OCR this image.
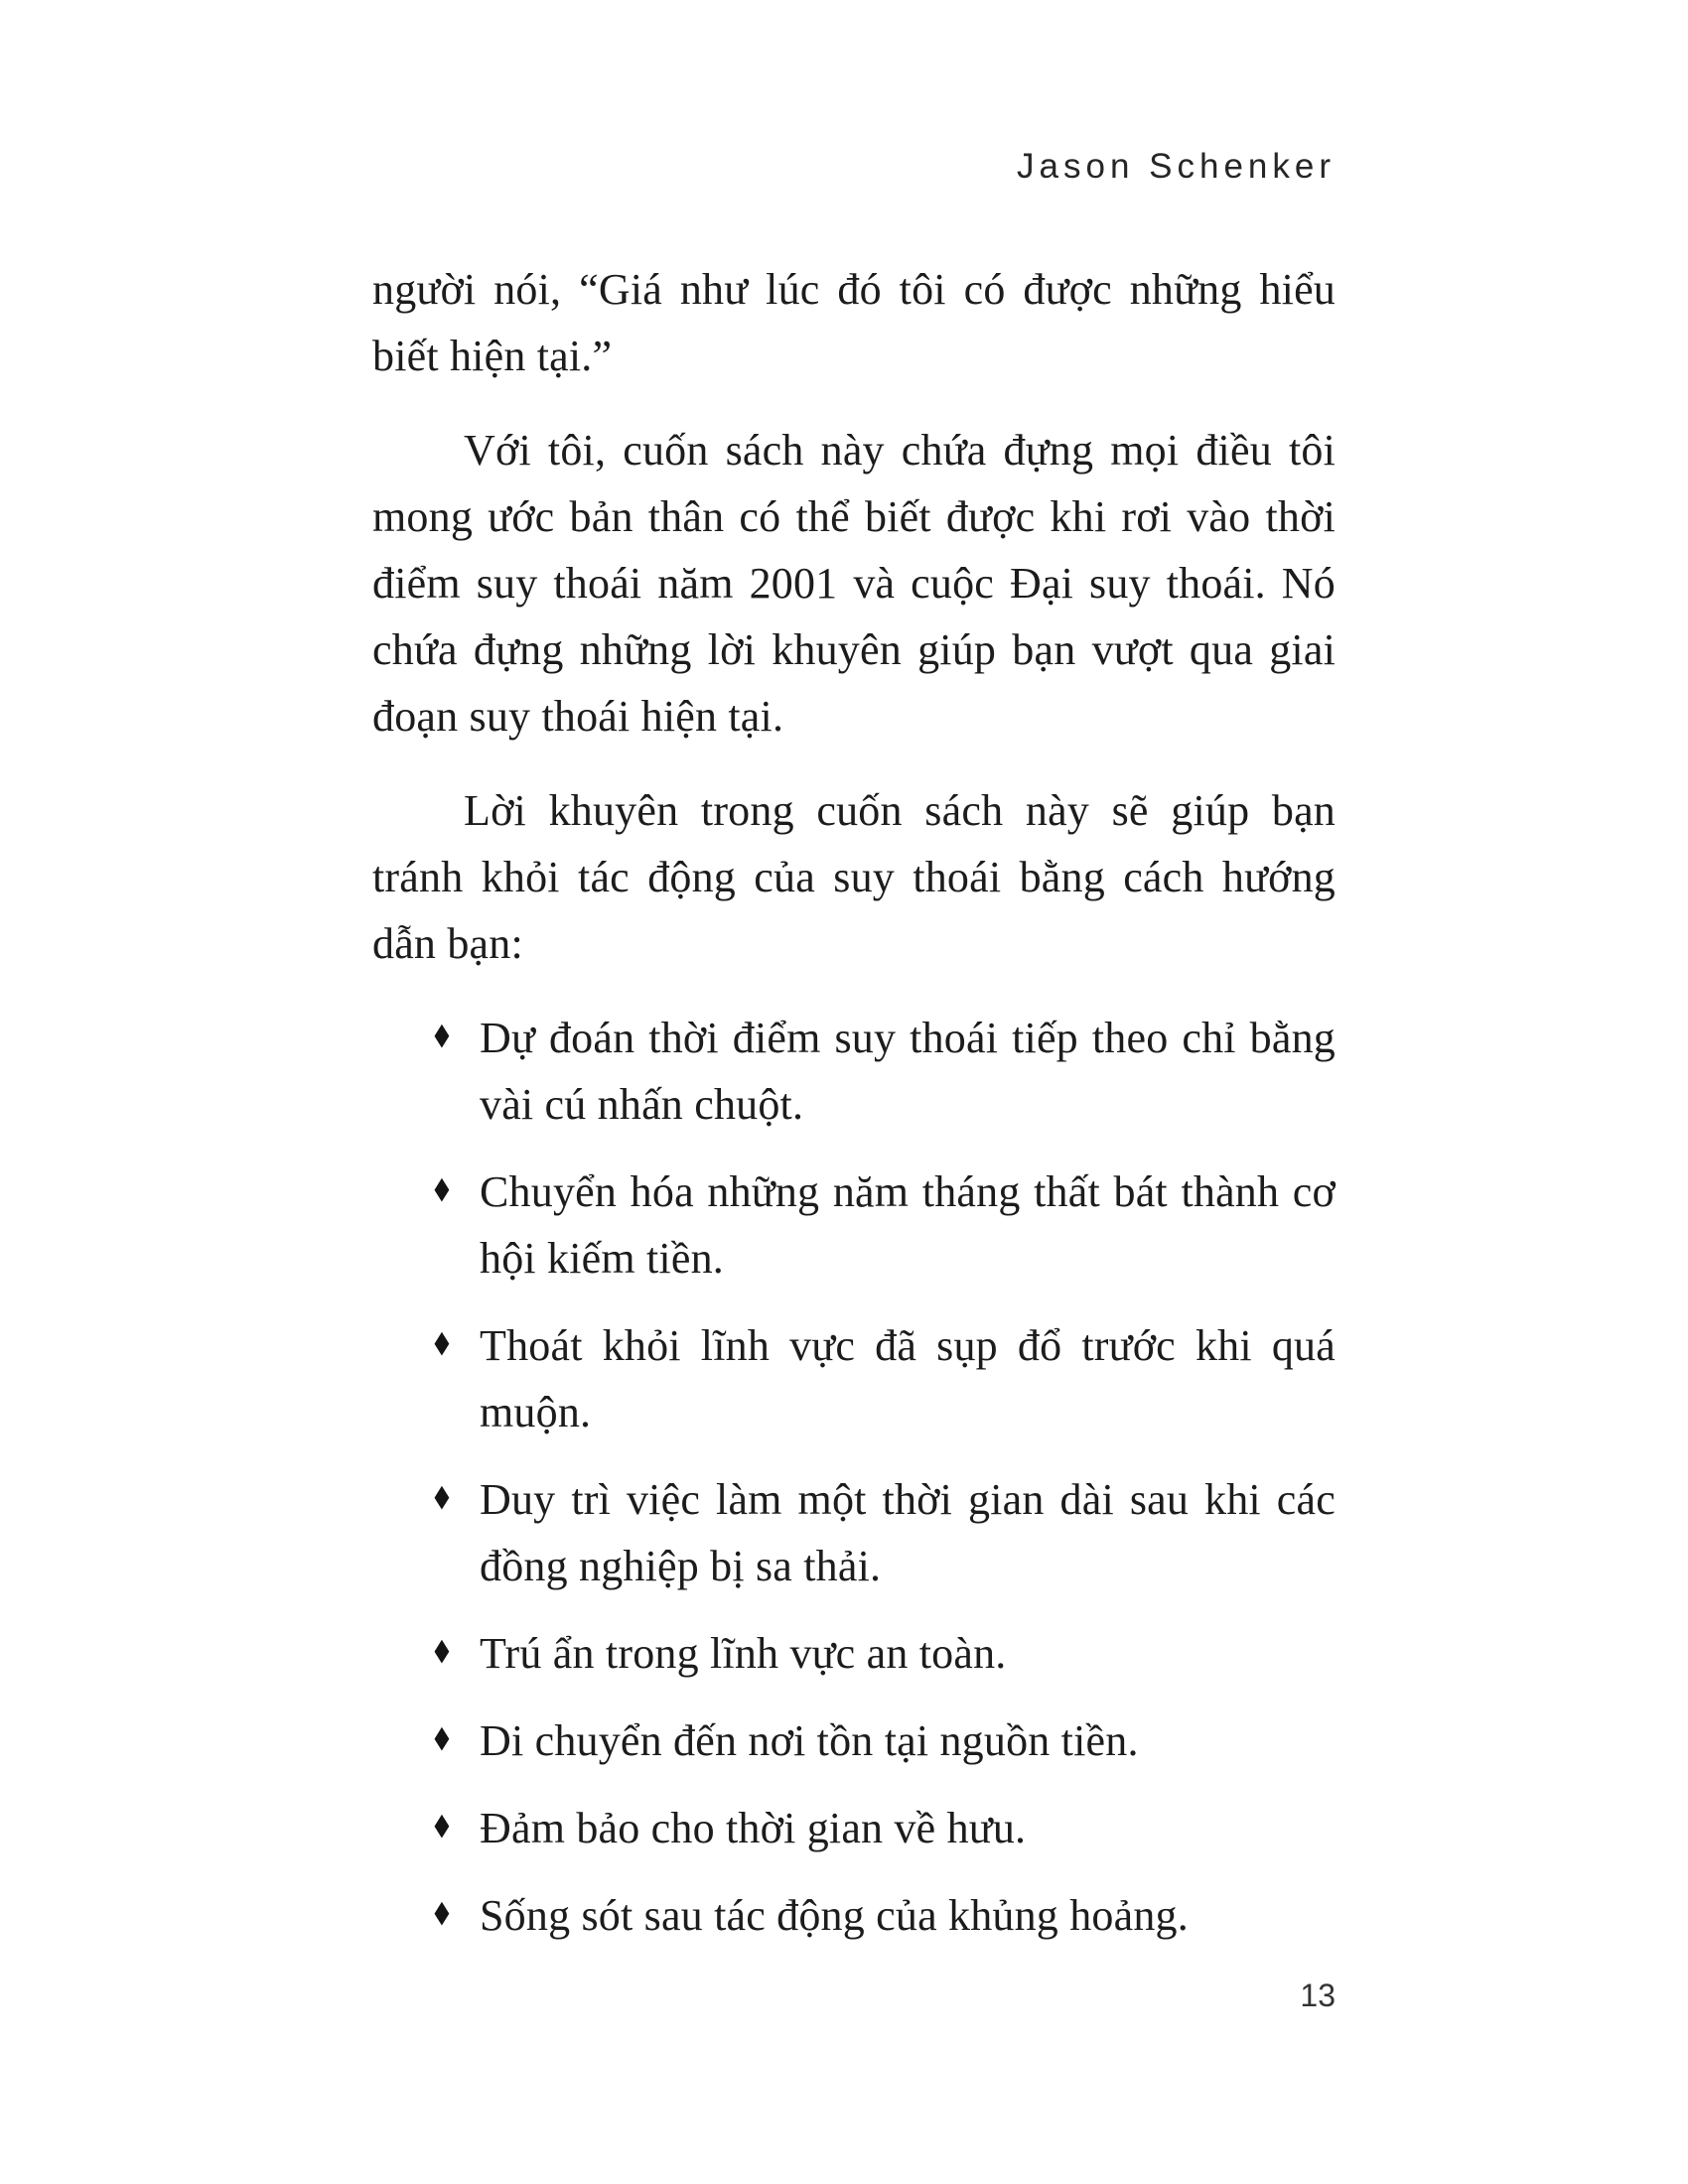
Jason Schenker

người nói, “Giá như lúc đó tôi có được những hiểu biết hiện tại.”

Với tôi, cuốn sách này chứa đựng mọi điều tôi mong ước bản thân có thể biết được khi rơi vào thời điểm suy thoái năm 2001 và cuộc Đại suy thoái. Nó chứa đựng những lời khuyên giúp bạn vượt qua giai đoạn suy thoái hiện tại.

Lời khuyên trong cuốn sách này sẽ giúp bạn tránh khỏi tác động của suy thoái bằng cách hướng dẫn bạn:

♦ Dự đoán thời điểm suy thoái tiếp theo chỉ bằng vài cú nhấn chuột.
♦ Chuyển hóa những năm tháng thất bát thành cơ hội kiếm tiền.
♦ Thoát khỏi lĩnh vực đã sụp đổ trước khi quá muộn.
♦ Duy trì việc làm một thời gian dài sau khi các đồng nghiệp bị sa thải.
♦ Trú ẩn trong lĩnh vực an toàn.
♦ Di chuyển đến nơi tồn tại nguồn tiền.
♦ Đảm bảo cho thời gian về hưu.
♦ Sống sót sau tác động của khủng hoảng.
13
